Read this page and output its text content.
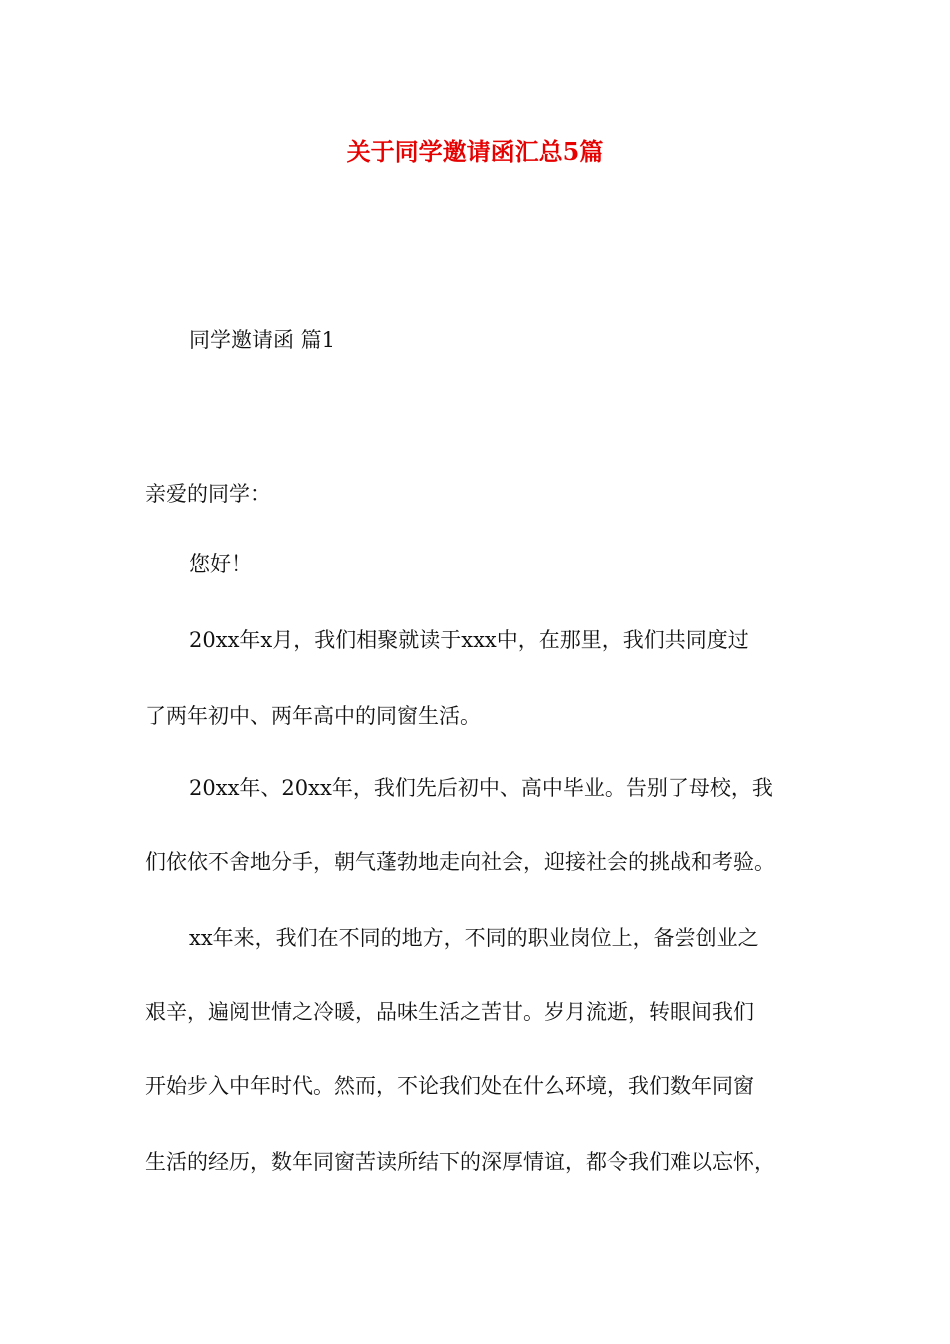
关于同学邀请函汇总5篇

同学邀请函 篇1

亲爱的同学：

您好！

20xx年x月，我们相聚就读于xxx中，在那里，我们共同度过

了两年初中、两年高中的同窗生活。

20xx年、20xx年，我们先后初中、高中毕业。告别了母校，我

们依依不舍地分手，朝气蓬勃地走向社会，迎接社会的挑战和考验。

xx年来，我们在不同的地方，不同的职业岗位上，备尝创业之

艰辛，遍阅世情之冷暖，品味生活之苦甘。岁月流逝，转眼间我们

开始步入中年时代。然而，不论我们处在什么环境，我们数年同窗

生活的经历，数年同窗苦读所结下的深厚情谊，都令我们难以忘怀，
